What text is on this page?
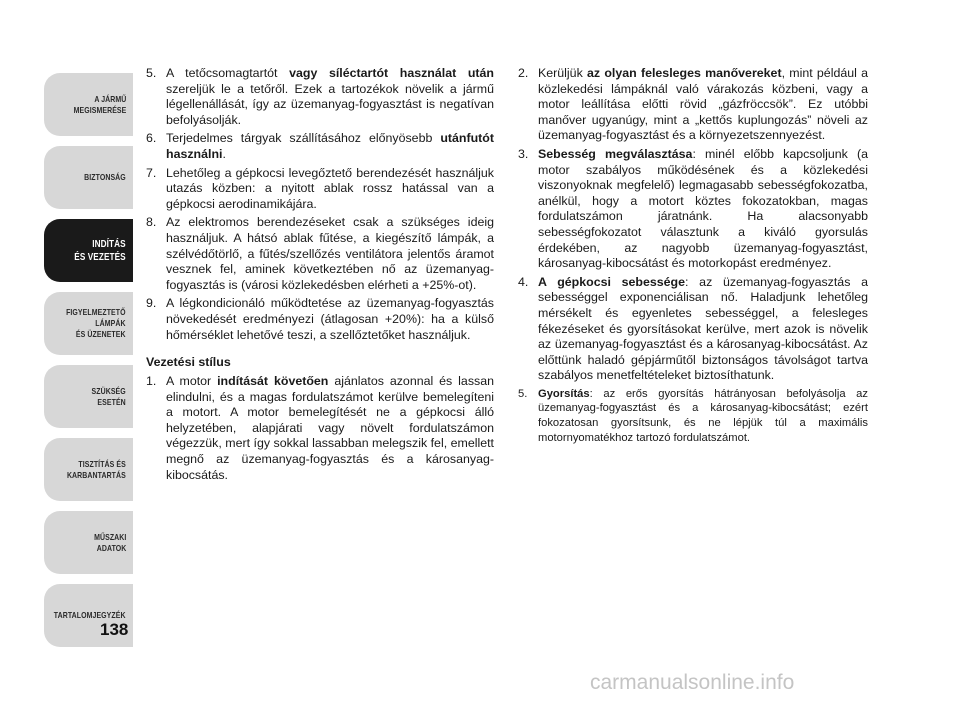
A JÁRMŰ
MEGISMERÉSE
BIZTONSÁG
INDÍTÁS
ÉS VEZETÉS
FIGYELMEZTETŐ
LÁMPÁK
ÉS ÜZENETEK
SZÜKSÉG
ESETÉN
TISZTÍTÁS ÉS
KARBANTARTÁS
MŰSZAKI
ADATOK
TARTALOMJEGYZÉK
138
5. A tetőcsomagtartót vagy síléctartót használat után szereljük le a tetőről. Ezek a tartozékok növelik a jármű légellenállását, így az üzemanyag-fogyasztást is negatívan befolyásolják.
6. Terjedelmes tárgyak szállításához előnyösebb utánfutót használni.
7. Lehetőleg a gépkocsi levegőztető berendezését használjuk utazás közben: a nyitott ablak rossz hatással van a gépkocsi aerodinamikájára.
8. Az elektromos berendezéseket csak a szükséges ideig használjuk. A hátsó ablak fűtése, a kiegészítő lámpák, a szélvédőtörlő, a fűtés/szellőzés ventilátora jelentős áramot vesznek fel, aminek következtében nő az üzemanyag-fogyasztás is (városi közlekedésben elérheti a +25%-ot).
9. A légkondicionáló működtetése az üzemanyag-fogyasztás növekedését eredményezi (átlagosan +20%): ha a külső hőmérséklet lehetővé teszi, a szellőztetőket használjuk.
Vezetési stílus
1. A motor indítását követően ajánlatos azonnal és lassan elindulni, és a magas fordulatszámot kerülve bemelegíteni a motort. A motor bemelegítését ne a gépkocsi álló helyzetében, alapjárati vagy növelt fordulatszámon végezzük, mert így sokkal lassabban melegszik fel, emellett megnő az üzemanyag-fogyasztás és a károsanyag-kibocsátás.
2. Kerüljük az olyan felesleges manővereket, mint például a közlekedési lámpáknál való várakozás közbeni, vagy a motor leállítása előtti rövid „gázfröccsök”. Ez utóbbi manőver ugyanúgy, mint a „kettős kuplungozás” növeli az üzemanyag-fogyasztást és a környezetszennyezést.
3. Sebesség megválasztása: minél előbb kapcsoljunk (a motor szabályos működésének és a közlekedési viszonyoknak megfelelő) legmagasabb sebességfokozatba, anélkül, hogy a motort köztes fokozatokban, magas fordulatszámon járatnánk. Ha alacsonyabb sebességfokozatot választunk a kiváló gyorsulás érdekében, az nagyobb üzemanyag-fogyasztást, károsanyag-kibocsátást és motorkopást eredményez.
4. A gépkocsi sebessége: az üzemanyag-fogyasztás a sebességgel exponenciálisan nő. Haladjunk lehetőleg mérsékelt és egyenletes sebességgel, a felesleges fékezéseket és gyorsításokat kerülve, mert azok is növelik az üzemanyag-fogyasztást és a károsanyag-kibocsátást. Az előttünk haladó gépjárműtől biztonságos távolságot tartva szabályos menetfeltételeket biztosíthatunk.
5. Gyorsítás: az erős gyorsítás hátrányosan befolyásolja az üzemanyag-fogyasztást és a károsanyag-kibocsátást; ezért fokozatosan gyorsítsunk, és ne lépjük túl a maximális motornyomatékhoz tartozó fordulatszámot.
carmanualsonline.info
